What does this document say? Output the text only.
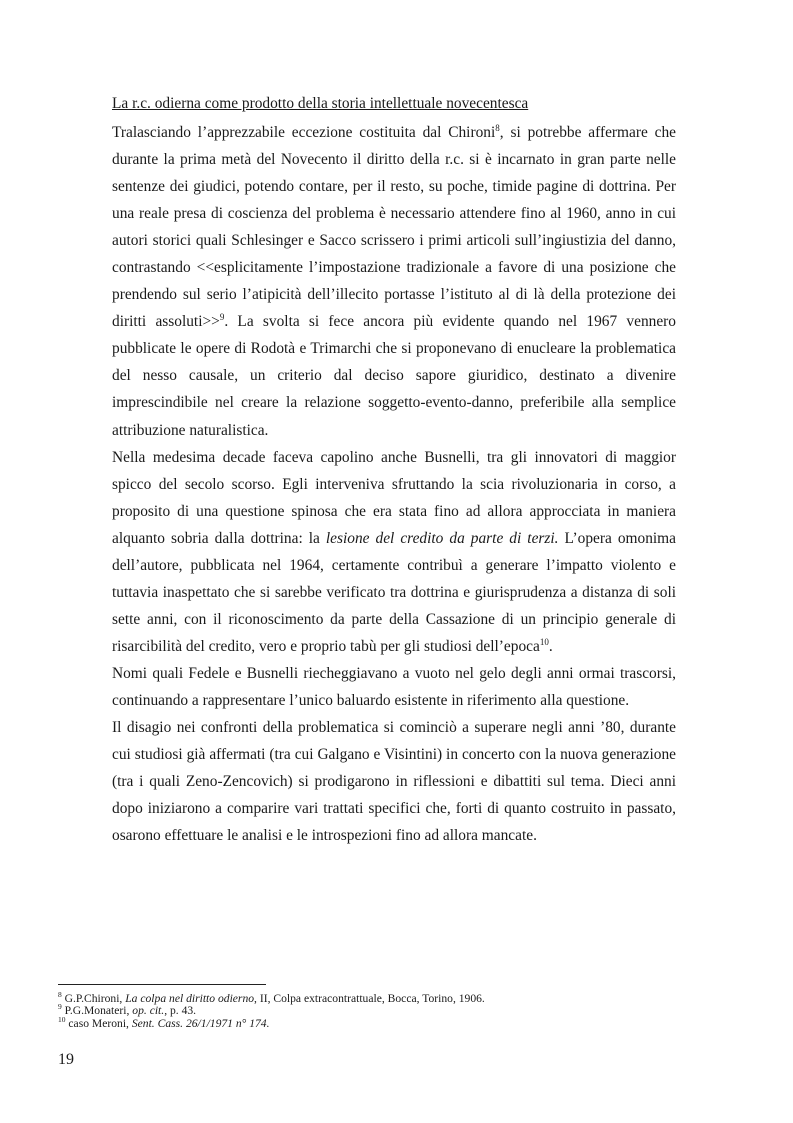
La r.c. odierna come prodotto della storia intellettuale novecentesca

Tralasciando l’apprezzabile eccezione costituita dal Chironi$^8$, si potrebbe affermare che durante la prima metà del Novecento il diritto della r.c. si è incarnato in gran parte nelle sentenze dei giudici, potendo contare, per il resto, su poche, timide pagine di dottrina. Per una reale presa di coscienza del problema è necessario attendere fino al 1960, anno in cui autori storici quali Schlesinger e Sacco scrissero i primi articoli sull’ingiustizia del danno, contrastando <<esplicitamente l’impostazione tradizionale a favore di una posizione che prendendo sul serio l’atipicità dell’illecito portasse l’istituto al di là della protezione dei diritti assoluti>>$^9$. La svolta si fece ancora più evidente quando nel 1967 vennero pubblicate le opere di Rodotà e Trimarchi che si proponevano di enucleare la problematica del nesso causale, un criterio dal deciso sapore giuridico, destinato a divenire imprescindibile nel creare la relazione soggetto-evento-danno, preferibile alla semplice attribuzione naturalistica.

Nella medesima decade faceva capolino anche Busnelli, tra gli innovatori di maggior spicco del secolo scorso. Egli interveniva sfruttando la scia rivoluzionaria in corso, a proposito di una questione spinosa che era stata fino ad allora approcciata in maniera alquanto sobria dalla dottrina: la lesione del credito da parte di terzi. L’opera omonima dell’autore, pubblicata nel 1964, certamente contribuì a generare l’impatto violento e tuttavia inaspettato che si sarebbe verificato tra dottrina e giurisprudenza a distanza di soli sette anni, con il riconoscimento da parte della Cassazione di un principio generale di risarcibilità del credito, vero e proprio tabù per gli studiosi dell’epoca$^{10}$.

Nomi quali Fedele e Busnelli riecheggiavano a vuoto nel gelo degli anni ormai trascorsi, continuando a rappresentare l’unico baluardo esistente in riferimento alla questione.

Il disagio nei confronti della problematica si cominciò a superare negli anni ’80, durante cui studiosi già affermati (tra cui Galgano e Visintini) in concerto con la nuova generazione (tra i quali Zeno-Zencovich) si prodigarono in riflessioni e dibattiti sul tema. Dieci anni dopo iniziarono a comparire vari trattati specifici che, forti di quanto costruito in passato, osarono effettuare le analisi e le introspezioni fino ad allora mancate.

$^8$ G.P.Chironi, La colpa nel diritto odierno, II, Colpa extracontrattuale, Bocca, Torino, 1906.
$^9$ P.G.Monateri, op. cit., p. 43.
$^{10}$ caso Meroni, Sent. Cass. 26/1/1971 n° 174.
19
